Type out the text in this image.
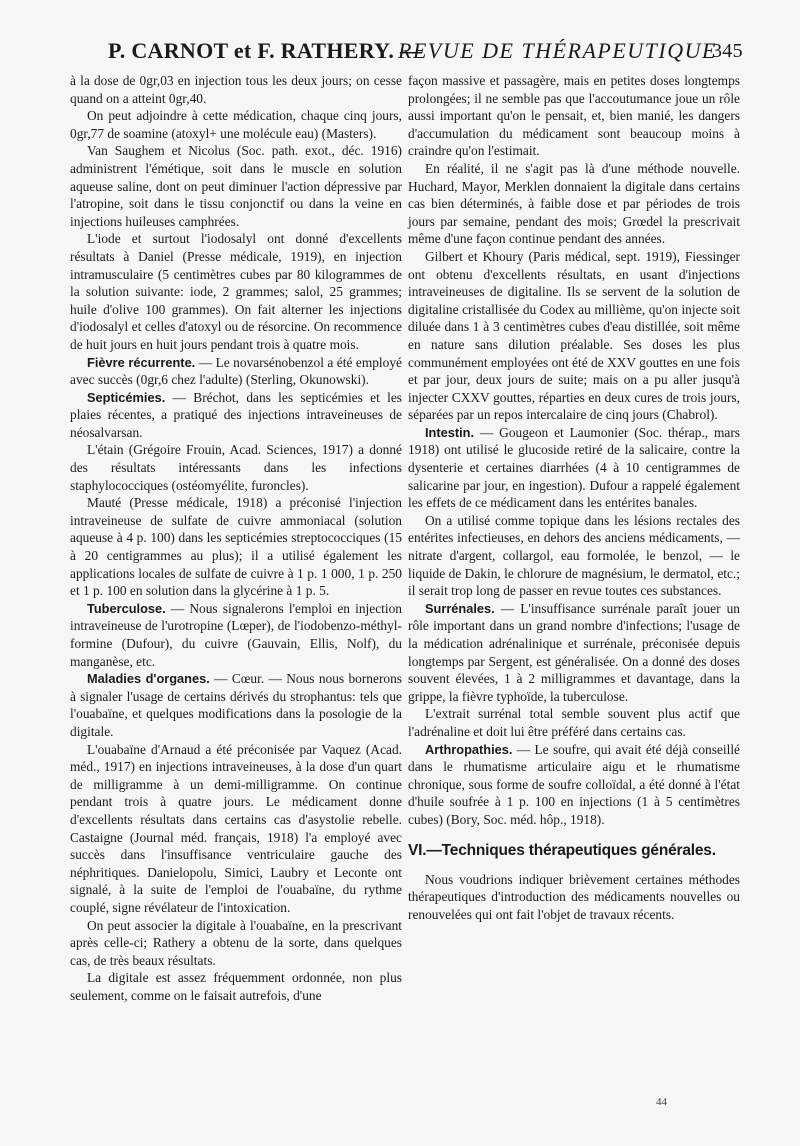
P. CARNOT et F. RATHERY. —
REVUE DE THÉRAPEUTIQUE
345

à la dose de 0gr,03 en injection tous les deux jours; on cesse quand on a atteint 0gr,40.

On peut adjoindre à cette médication, chaque cinq jours, 0gr,77 de soamine (atoxyl+ une molécule eau) (Masters).

Van Saughem et Nicolus (Soc. path. exot., déc. 1916) administrent l'émétique, soit dans le muscle en solution aqueuse saline, dont on peut diminuer l'action dépressive par l'atropine, soit dans le tissu conjonctif ou dans la veine en injections huileuses camphrées.

L'iode et surtout l'iodosalyl ont donné d'excellents résultats à Daniel (Presse médicale, 1919), en injection intramusculaire (5 centimètres cubes par 80 kilogrammes de la solution suivante: iode, 2 grammes; salol, 25 grammes; huile d'olive 100 grammes). On fait alterner les injections d'iodosalyl et celles d'atoxyl ou de résorcine. On recommence de huit jours en huit jours pendant trois à quatre mois.

Fièvre récurrente. — Le novarsénobenzol a été employé avec succès (0gr,6 chez l'adulte) (Sterling, Okunowski).

Septicémies. — Bréchot, dans les septicémies et les plaies récentes, a pratiqué des injections intraveineuses de néosalvarsan.

L'étain (Grégoire Frouin, Acad. Sciences, 1917) a donné des résultats intéressants dans les infections staphylococciques (ostéomyélite, furoncles).

Mauté (Presse médicale, 1918) a préconisé l'injection intraveineuse de sulfate de cuivre ammoniacal (solution aqueuse à 4 p. 100) dans les septicémies streptococciques (15 à 20 centigrammes au plus); il a utilisé également les applications locales de sulfate de cuivre à 1 p. 1 000, 1 p. 250 et 1 p. 100 en solution dans la glycérine à 1 p. 5.

Tuberculose. — Nous signalerons l'emploi en injection intraveineuse de l'urotropine (Lœper), de l'iodobenzo-méthyl-formine (Dufour), du cuivre (Gauvain, Ellis, Nolf), du manganèse, etc.

Maladies d'organes. — Cœur. — Nous nous bornerons à signaler l'usage de certains dérivés du strophantus: tels que l'ouabaïne, et quelques modifications dans la posologie de la digitale.

L'ouabaïne d'Arnaud a été préconisée par Vaquez (Acad. méd., 1917) en injections intraveineuses, à la dose d'un quart de milligramme à un demi-milligramme. On continue pendant trois à quatre jours. Le médicament donne d'excellents résultats dans certains cas d'asystolie rebelle. Castaigne (Journal méd. français, 1918) l'a employé avec succès dans l'insuffisance ventriculaire gauche des néphritiques. Danielopolu, Simici, Laubry et Leconte ont signalé, à la suite de l'emploi de l'ouabaïne, du rythme couplé, signe révélateur de l'intoxication.

On peut associer la digitale à l'ouabaïne, en la prescrivant après celle-ci; Rathery a obtenu de la sorte, dans quelques cas, de très beaux résultats.

La digitale est assez fréquemment ordonnée, non plus seulement, comme on le faisait autrefois, d'une

façon massive et passagère, mais en petites doses longtemps prolongées; il ne semble pas que l'accoutumance joue un rôle aussi important qu'on le pensait, et, bien manié, les dangers d'accumulation du médicament sont beaucoup moins à craindre qu'on l'estimait.

En réalité, il ne s'agit pas là d'une méthode nouvelle. Huchard, Mayor, Merklen donnaient la digitale dans certains cas bien déterminés, à faible dose et par périodes de trois jours par semaine, pendant des mois; Grœdel la prescrivait même d'une façon continue pendant des années.

Gilbert et Khoury (Paris médical, sept. 1919), Fiessinger ont obtenu d'excellents résultats, en usant d'injections intraveineuses de digitaline. Ils se servent de la solution de digitaline cristallisée du Codex au millième, qu'on injecte soit diluée dans 1 à 3 centimètres cubes d'eau distillée, soit même en nature sans dilution préalable. Ses doses les plus communément employées ont été de XXV gouttes en une fois et par jour, deux jours de suite; mais on a pu aller jusqu'à injecter CXXV gouttes, réparties en deux cures de trois jours, séparées par un repos intercalaire de cinq jours (Chabrol).

Intestin. — Gougeon et Laumonier (Soc. thérap., mars 1918) ont utilisé le glucoside retiré de la salicaire, contre la dysenterie et certaines diarrhées (4 à 10 centigrammes de salicarine par jour, en ingestion). Dufour a rappelé également les effets de ce médicament dans les entérites banales.

On a utilisé comme topique dans les lésions rectales des entérites infectieuses, en dehors des anciens médicaments, — nitrate d'argent, collargol, eau formolée, le benzol, — le liquide de Dakin, le chlorure de magnésium, le dermatol, etc.; il serait trop long de passer en revue toutes ces substances.

Surrénales. — L'insuffisance surrénale paraît jouer un rôle important dans un grand nombre d'infections; l'usage de la médication adrénalinique et surrénale, préconisée depuis longtemps par Sergent, est généralisée. On a donné des doses souvent élevées, 1 à 2 milligrammes et davantage, dans la grippe, la fièvre typhoïde, la tuberculose.

L'extrait surrénal total semble souvent plus actif que l'adrénaline et doit lui être préféré dans certains cas.

Arthropathies. — Le soufre, qui avait été déjà conseillé dans le rhumatisme articulaire aigu et le rhumatisme chronique, sous forme de soufre colloïdal, a été donné à l'état d'huile soufrée à 1 p. 100 en injections (1 à 5 centimètres cubes) (Bory, Soc. méd. hôp., 1918).

VI.—Techniques thérapeutiques générales.

Nous voudrions indiquer brièvement certaines méthodes thérapeutiques d'introduction des médicaments nouvelles ou renouvelées qui ont fait l'objet de travaux récents.

44
